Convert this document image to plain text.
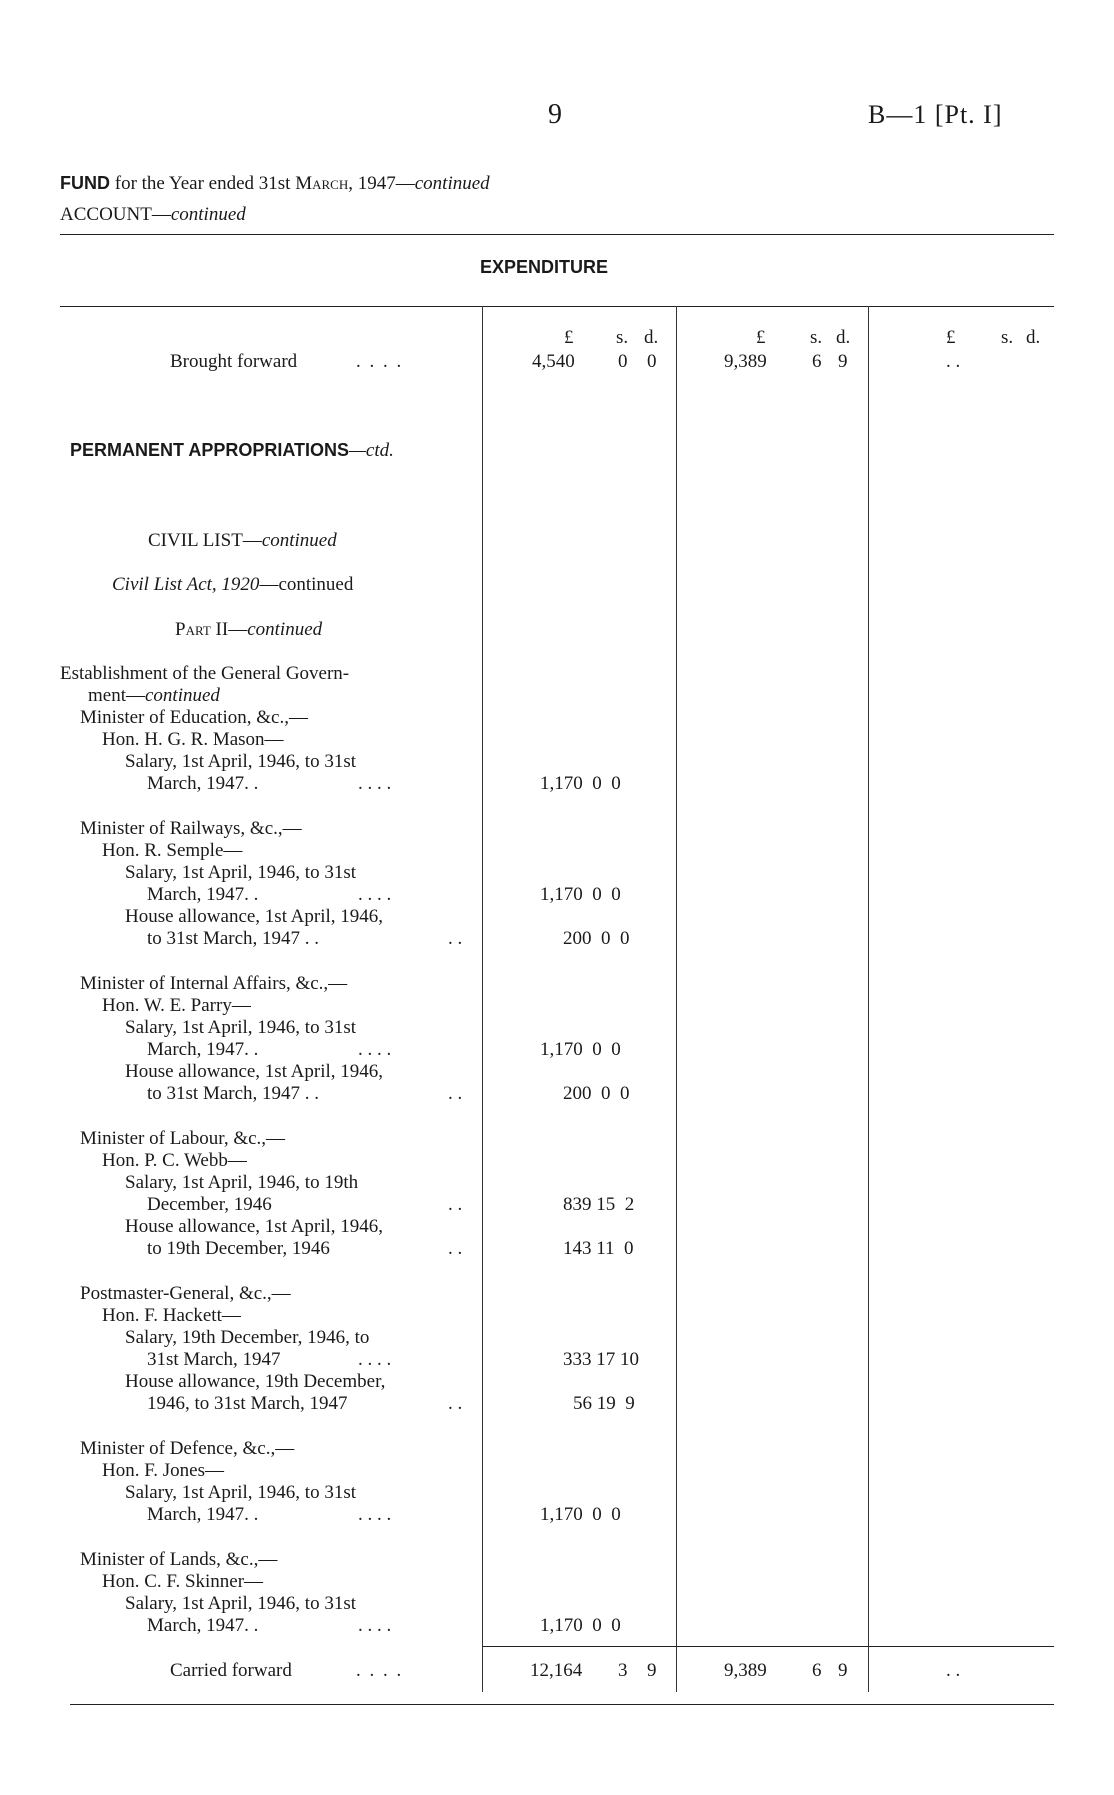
9	B—1 [Pt. I]
FUND for the Year ended 31st March, 1947—continued
ACCOUNT—continued
EXPENDITURE
£ s. d.	£ s. d.	£ s. d.
Brought forward	. . . .	4,540 0 0	9,389 6 9	. .
PERMANENT APPROPRIATIONS—ctd.
CIVIL LIST—continued
Civil List Act, 1920—continued
Part II—continued
Establishment of the General Govern-
ment—continued
Minister of Education, &c.,—
Hon. H. G. R. Mason—
Salary, 1st April, 1946, to 31st
March, 1947. .	. . . .	1,170  0  0
Minister of Railways, &c.,—
Hon. R. Semple—
Salary, 1st April, 1946, to 31st
March, 1947. .	. . . .	1,170  0  0
House allowance, 1st April, 1946,
to 31st March, 1947 . .	. .	200  0  0
Minister of Internal Affairs, &c.,—
Hon. W. E. Parry—
Salary, 1st April, 1946, to 31st
March, 1947. .	. . . .	1,170  0  0
House allowance, 1st April, 1946,
to 31st March, 1947 . .	. .	200  0  0
Minister of Labour, &c.,—
Hon. P. C. Webb—
Salary, 1st April, 1946, to 19th
December, 1946	. .	839 15  2
House allowance, 1st April, 1946,
to 19th December, 1946	. .	143 11  0
Postmaster-General, &c.,—
Hon. F. Hackett—
Salary, 19th December, 1946, to
31st March, 1947	. . . .	333 17 10
House allowance, 19th December,
1946, to 31st March, 1947	. .	56 19  9
Minister of Defence, &c.,—
Hon. F. Jones—
Salary, 1st April, 1946, to 31st
March, 1947. .	. . . .	1,170  0  0
Minister of Lands, &c.,—
Hon. C. F. Skinner—
Salary, 1st April, 1946, to 31st
March, 1947. .	. . . .	1,170  0  0
Carried forward	. . . .	12,164 3 9	9,389 6 9	. .
